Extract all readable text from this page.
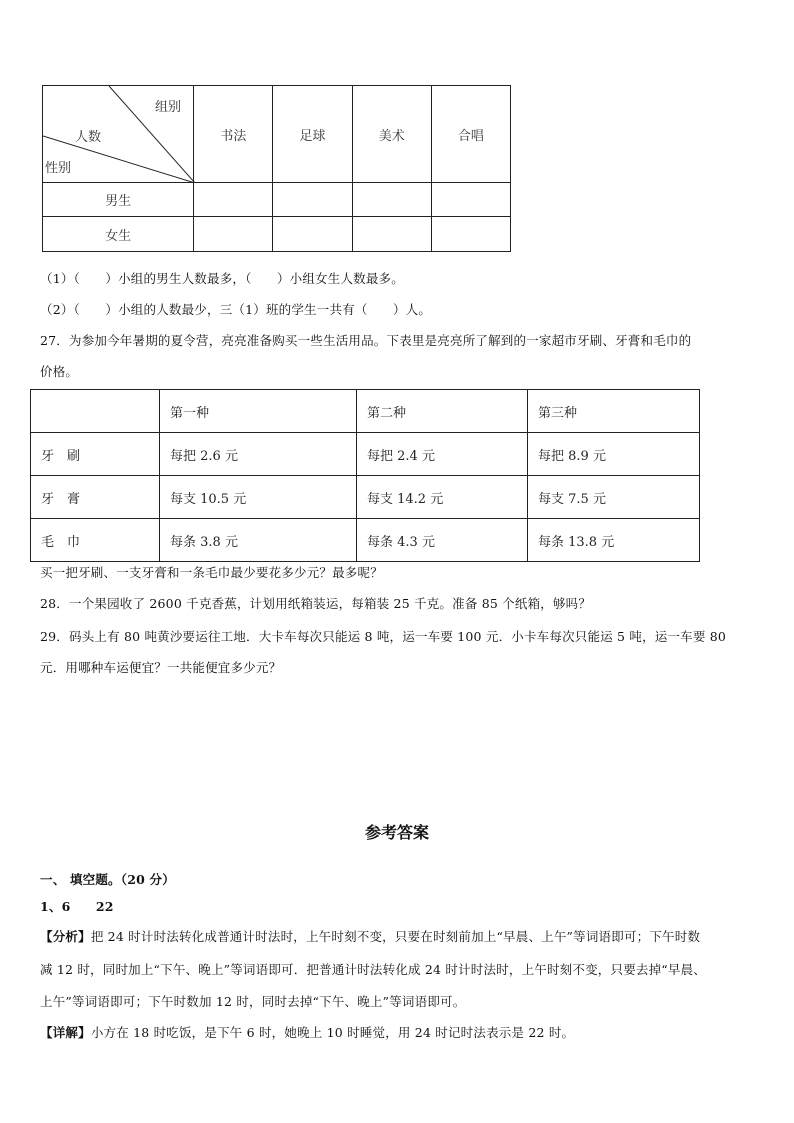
组别
人数
性别	书法	足球	美术	合唱
男生				
女生				
（1）（　　）小组的男生人数最多，（　　）小组女生人数最多。
（2）（　　）小组的人数最少，三（1）班的学生一共有（　　）人。
27．为参加今年暑期的夏令营，亮亮准备购买一些生活用品。下表里是亮亮所了解到的一家超市牙刷、牙膏和毛巾的
价格。
	第一种	第二种	第三种
牙　刷	每把 2.6 元	每把 2.4 元	每把 8.9 元
牙　膏	每支 10.5 元	每支 14.2 元	每支 7.5 元
毛　巾	每条 3.8 元	每条 4.3 元	每条 13.8 元
买一把牙刷、一支牙膏和一条毛巾最少要花多少元？最多呢？
28．一个果园收了 2600 千克香蕉，计划用纸箱装运，每箱装 25 千克。准备 85 个纸箱，够吗？
29．码头上有 80 吨黄沙要运往工地．大卡车每次只能运 8 吨，运一车要 100 元．小卡车每次只能运 5 吨，运一车要 80
元．用哪种车运便宜？一共能便宜多少元？
参考答案
一、 填空题。（20 分）
1、6　　22
【分析】把 24 时计时法转化成普通计时法时，上午时刻不变，只要在时刻前加上“早晨、上午”等词语即可；下午时数
减 12 时，同时加上“下午、晚上”等词语即可．把普通计时法转化成 24 时计时法时，上午时刻不变，只要去掉“早晨、
上午”等词语即可；下午时数加 12 时，同时去掉“下午、晚上”等词语即可。
【详解】小方在 18 时吃饭，是下午 6 时，她晚上 10 时睡觉，用 24 时记时法表示是 22 时。
